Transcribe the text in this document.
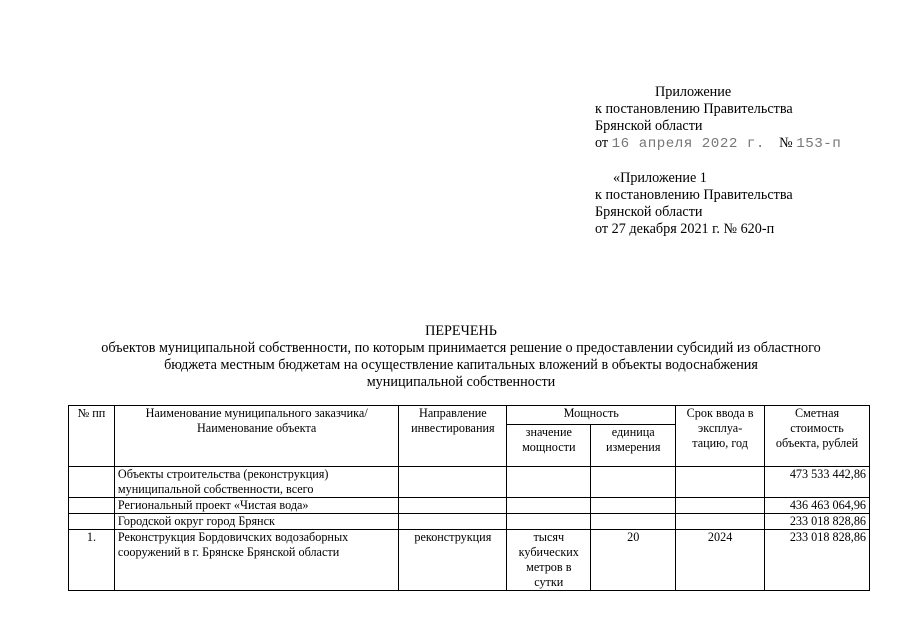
Приложение
к постановлению Правительства
Брянской области
от 16 апреля 2022 г. № 153-п
«Приложение 1
к постановлению Правительства
Брянской области
от 27 декабря 2021 г. № 620-п
ПЕРЕЧЕНЬ
объектов муниципальной собственности, по которым принимается решение о предоставлении субсидий из областного
бюджета местным бюджетам на осуществление капитальных вложений в объекты водоснабжения
муниципальной собственности
№ пп	Наименование муниципального заказчика/Наименование объекта	Направление инвестирования	Мощность		Срок ввода в эксплуа- тацию, год	Сметная стоимость объекта, рублей
			значение мощности	единица измерения		
	Объекты строительства (реконструкция) муниципальной собственности, всего					473 533 442,86
	Региональный проект «Чистая вода»					436 463 064,96
	Городской округ город Брянск					233 018 828,86
1.	Реконструкция Бордовичских водозаборных сооружений в г. Брянске Брянской области	реконструкция	тысяч кубических метров в сутки	20	2024	233 018 828,86
